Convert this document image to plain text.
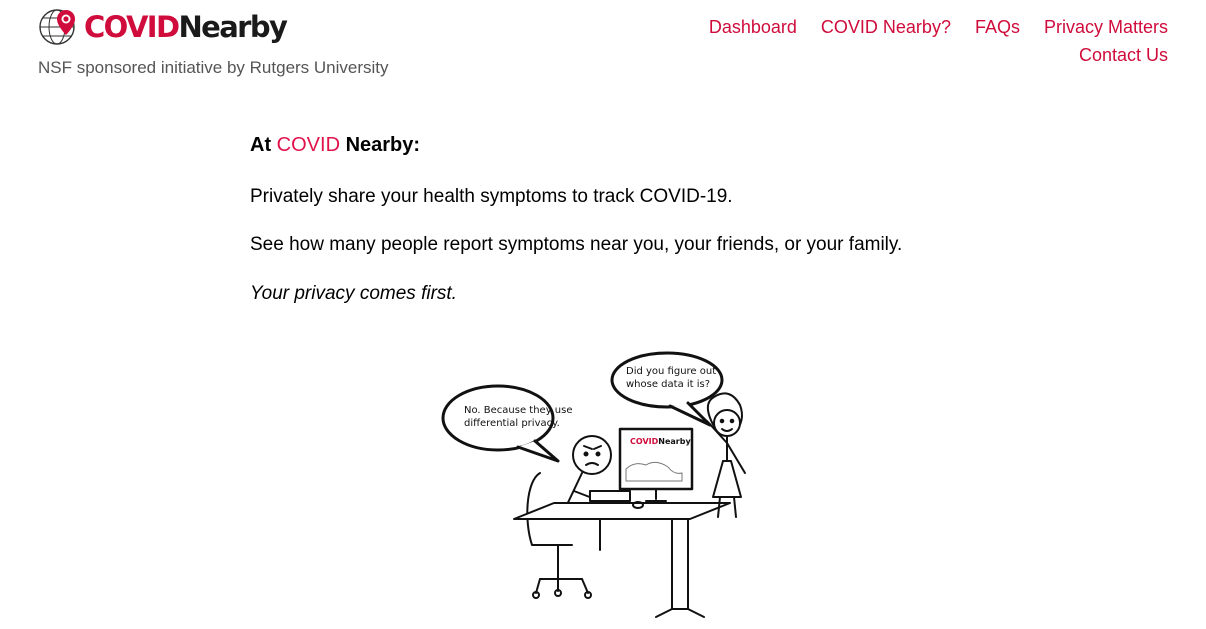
COVIDNearby

NSF sponsored initiative by Rutgers University

Dashboard COVID Nearby? FAQs Privacy Matters
Contact Us
At COVID Nearby:

Privately share your health symptoms to track COVID-19.

See how many people report symptoms near you, your friends, or your family.

Your privacy comes first.

No. Because they use
differential privacy.
Did you figure out
whose data it is?
COVIDNearby
